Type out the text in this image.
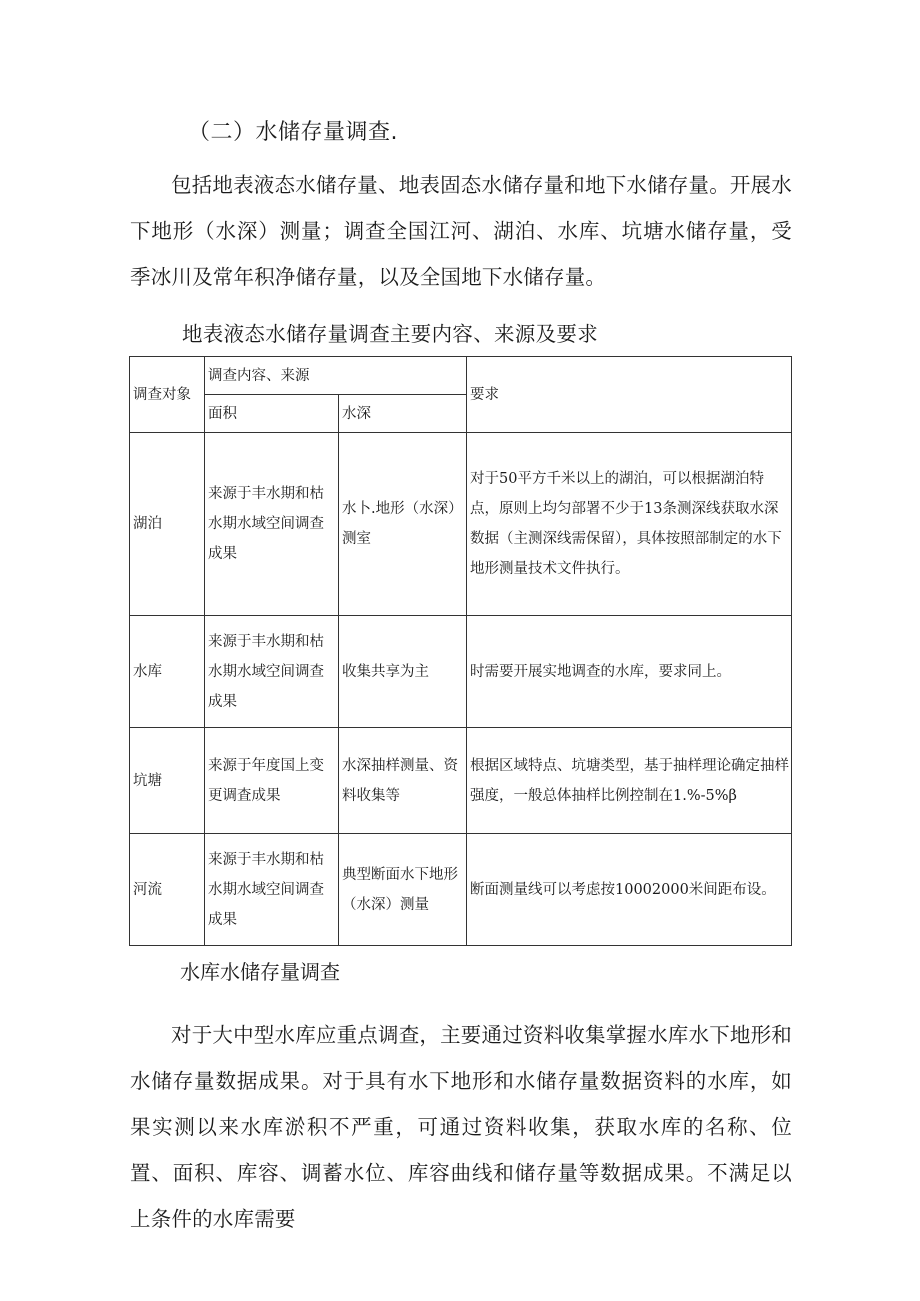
（二）水储存量调查.

包括地表液态水储存量、地表固态水储存量和地下水储存量。开展水下地形（水深）测量；调查全国江河、湖泊、水库、坑塘水储存量，受季冰川及常年积净储存量，以及全国地下水储存量。

地表液态水储存量调查主要内容、来源及要求

调查对象	调查内容、来源		要求
	面积	水深	
湖泊	来源于丰水期和枯水期水域空间调查成果	水卜.地形（水深）测室	对于50平方千米以上的湖泊，可以根据湖泊特点，原则上均匀部署不少于13条测深线获取水深数据（主测深线需保留），具体按照部制定的水下地形测量技术文件执行。
水库	来源于丰水期和枯水期水域空间调查成果	收集共享为主	时需要开展实地调查的水库，要求同上。
坑塘	来源于年度国上变更调査成果	水深抽样测量、资料收集等	根据区域特点、坑塘类型，基于抽样理论确定抽样强度，一般总体抽样比例控制在1.%-5%β
河流	来源于丰水期和枯水期水域空间调查成果	典型断面水下地形（水深）测量	断面测量线可以考虑按10002000米间距布设。

水库水储存量调查

对于大中型水库应重点调查，主要通过资料收集掌握水库水下地形和水储存量数据成果。对于具有水下地形和水储存量数据资料的水库，如果实测以来水库淤积不严重，可通过资料收集，获取水库的名称、位置、面积、库容、调蓄水位、库容曲线和储存量等数据成果。不满足以上条件的水库需要
